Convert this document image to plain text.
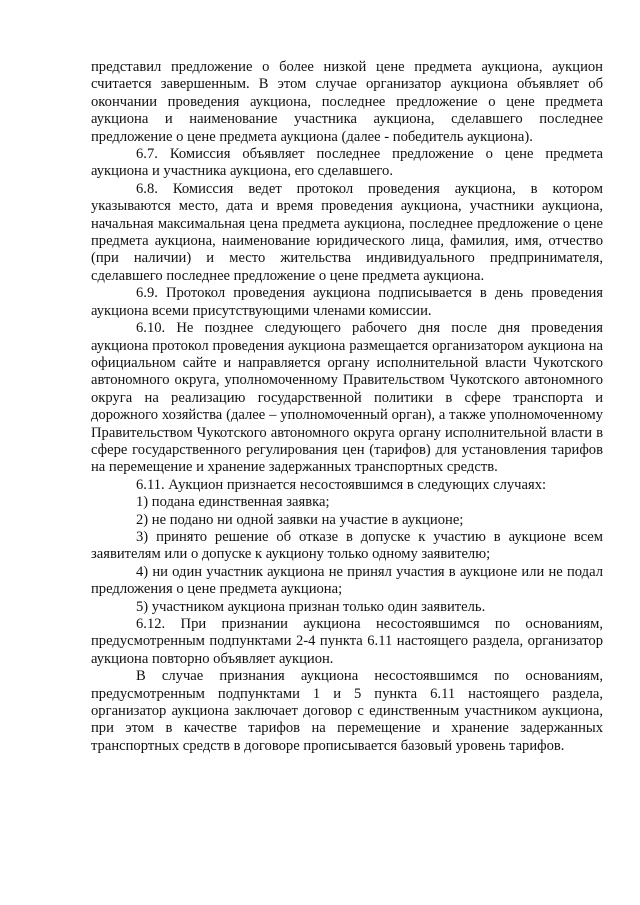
представил предложение о более низкой цене предмета аукциона, аукцион считается завершенным. В этом случае организатор аукциона объявляет об окончании проведения аукциона, последнее предложение о цене предмета аукциона и наименование участника аукциона, сделавшего последнее предложение о цене предмета аукциона (далее - победитель аукциона).

6.7. Комиссия объявляет последнее предложение о цене предмета аукциона и участника аукциона, его сделавшего.

6.8. Комиссия ведет протокол проведения аукциона, в котором указываются место, дата и время проведения аукциона, участники аукциона, начальная максимальная цена предмета аукциона, последнее предложение о цене предмета аукциона, наименование юридического лица, фамилия, имя, отчество (при наличии) и место жительства индивидуального предпринимателя, сделавшего последнее предложение о цене предмета аукциона.

6.9. Протокол проведения аукциона подписывается в день проведения аукциона всеми присутствующими членами комиссии.

6.10. Не позднее следующего рабочего дня после дня проведения аукциона протокол проведения аукциона размещается организатором аукциона на официальном сайте и направляется органу исполнительной власти Чукотского автономного округа, уполномоченному Правительством Чукотского автономного округа на реализацию государственной политики в сфере транспорта и дорожного хозяйства (далее – уполномоченный орган), а также уполномоченному Правительством Чукотского автономного округа органу исполнительной власти в сфере государственного регулирования цен (тарифов) для установления тарифов на перемещение и хранение задержанных транспортных средств.

6.11. Аукцион признается несостоявшимся в следующих случаях:

1) подана единственная заявка;

2) не подано ни одной заявки на участие в аукционе;

3) принято решение об отказе в допуске к участию в аукционе всем заявителям или о допуске к аукциону только одному заявителю;

4) ни один участник аукциона не принял участия в аукционе или не подал предложения о цене предмета аукциона;

5) участником аукциона признан только один заявитель.

6.12. При признании аукциона несостоявшимся по основаниям, предусмотренным подпунктами 2-4 пункта 6.11 настоящего раздела, организатор аукциона повторно объявляет аукцион.

В случае признания аукциона несостоявшимся по основаниям, предусмотренным подпунктами 1 и 5 пункта 6.11 настоящего раздела, организатор аукциона заключает договор с единственным участником аукциона, при этом в качестве тарифов на перемещение и хранение задержанных транспортных средств в договоре прописывается базовый уровень тарифов.
